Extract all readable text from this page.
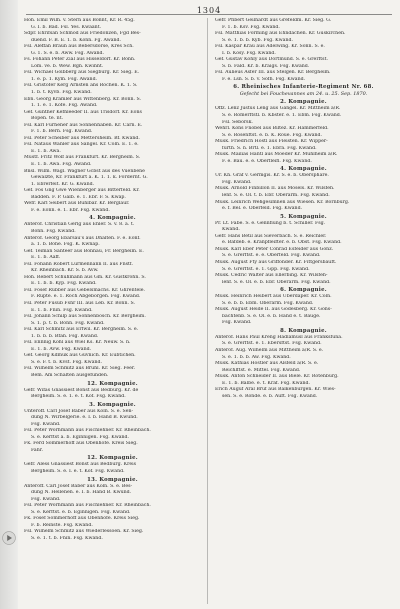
1304
Hoh. Emil Wilh. v. Stern aus Bonnt, Kr. R. 45g.
G. I. b. Bad. Fsl. Yes. Kwaant.
Sdpr. Ehrifsan Schmod aus Friedonzen, Fgd Bes-
duend. F. B. E. 1. b. Konn. Fg. Awand.
Fsl. Aleffan Braun aus Bebersdorse, Kres Sch.
G. 1. S. e. b. Aww. Fsg. Awand.
Fs. Fohann Peter Ziäl aus Hisseldorf. Kr. Bonn.
Lom. ve. b. Wew. Bgn. Kwinnt.
Fsl. Wichael Golbberg aus Siegburg. Kr. Sieg. E.
1. e. p. 1. Kym. Fsg. Awand.
Fsl. Gristofer Kerg Arnsten ans Rochen. K. 1. S.
1. b. t. Kyvb. Fsg. Kwand.
Ebn. Georg Kramler aus Wittenberg. Kr. Bonn. S.
1. 1. e. 1. Kofe. Fsg. Awand.
Gef. Günther Kefhleeder II. aus Trisdorf. Kr. Eons
Bopen. te. nt.
Fsl. Karl Fürhener aus Sonnenhaben. Kr. Carn. E.
F. 1. b. Bern. Fsg. Kwand.
Fsl. Peter Scheiber aus Mettersheim. Bf. Kwand.
Fsl. Nataus Wanler aus Sangel. Kr. Cöln. E. 1. e.
E. 1. b. Awa.
Mustf. Fritz Wolf aus Frankfurt. Kr. Bergheim. S.
E. 1. b. Awa. Fsg. Awand.
Bnsl. Wilm. Wagl. Wagner Gcbst aus des Vuenbene
Gewalzte, Kr. Frankfurt a. K. 1. 1. k. Fordernt. G.
1. Ebrerfeit. Kr. G. Kwand.
Gef. Fos Gng Gwe Wienberger aus Bitterfeld. Kr.
Badden. F. P. Galb. e. 1. Ebr. F. S. Kwap.
Wefr. Karl Seibert aus Bühlbar. Kr. Berglaur.
F. e. Eonn. e. 1. Ebr. Fsg. Kwand.
4. Kompagnie.
Anterof. Christian Gerlg aus Ehler. S. v. 8. a. t.
Bonn. Fsg. Kwand.
Anterof. Georg Ebarsau's aus Dhalten. F. e. Eonf.
a. 1. b. Böhe. Fsg. K. Kwnap.
Gef. Teiman Santeer aus Bonnau, Fr. Bergheim. E.
E. 1. b. Aaff.
Fsl. Fohann Robert Lürmennann II. aus Fnstf.
Kr. Rheinbach. Kr. S. b. Avw.
Hoh. Rebert Schuhmann aus Gm. Kr. Gustkrohn. S.
E. 1. b. b. Kyp. Fsg. Kwand.
Fsl. Fosef Rübber aus Gebelsmachs. Kr. Ghrentele.
F. Rupte. e. 1. Roch Abgebörgen. Fsg. Kwand.
Fsl. Peter Fusub Fshr III. aus Leb. Kr. Bonn. S.
E. 1. b. Fnin. Fsg. Kwand.
Fsl. Johann Schilp aus Sonnenbosch. Kr. Bergheim.
S. 1. p. t. b. Bonn. Fsg. Kwand.
Fsl. Karl Schmitz aus Erfwil. Kr. Bergheim. S. e.
1. b. b. b. Bfan. Fsg. Kwand.
Fsl. Ennnig Kohl aus Wiel Ks. Kr. Neuw. S. n.
E. 1. b. Avw. Fsg. Kwand.
Gef. Georg Kdmuk aus Guvnich. Kr. Eubtichen.
S. e. F. t. b. Kvst. Fsg. Kwand.
Fsl. Wilhelm Schmitz aus Brühl. Kr. Sieg. Feer.
Bem. Am Schalten ausgefunden.
12. Kompagnie.
Gefr. Wifas Gnassiest Bonst aus Bedburg. Kr. de
Bergheim. S. e. 1. e. t. Kof. Fsg. Kwand.
3. Kompagnie.
Unteroff. Carl Josef Baber aus Köln. S. e. Sen-
dung N. Wirbelgerie. e. I. b. Hand B. Kwund.
Fsg. Kwand.
Fsl. Peter Wörhmann aus Fischlehner. Kr. Rheinbach.
S. e. Kerftst a. b. Eginnigen. Fsg. Kwand.
Fk. Ferd Sommerhoff aus Obenhofe. Kreis Sieg.
Fahr.
12. Kompagnie.
Gefr. Aless Gnassiest Bonst aus Bedburg. Kreis
Bergheim. S. e. I. e. t. Kof. Fsg. Kwand.
13. Kompagnie.
Anteroff. Carl Josef Baber aus Köln. S. e. Bes-
dung N. Hellenen. e. I. b. Hand B. Kwund.
Fsg. Kwand.
Fsl. Peter Wörhmann aus Fischlehner. Kr. Rheinbach.
S. e. Kerftst. e. b. Eginnigen. Fsg. Kwand.
Fk. Fosef Sommerhoff aus Obenhofe. Kreis Sieg.
F. b. Reinste. Fsg. Kwand.
Fsl. Wilhelm Schmitz aus Wiederlessoen. Kr. Sieg.
S. e. 1. t. b. Fnin. Fsg. Kwand.
Gefr. Pfibert Geilhardt aus Grefeldm. Kr. Sieg. G.
F. 1. b. Ksv. Fsg. Kwand.
Fsl. Matthias Förming aus Ehndachen. Kr. Guskirchen.
S. e. 1. b. b. Kyb. Fsg. Kwand.
Fsl. Kaspar Krau aus Adelwing. Kr. Sonn. S. e.
I. b. Kosy. Fsg. Kwand.
Gef. Gustav Kohly aus Dortmund. S. e. Grerftst.
S. b. Fald. Kr. b. Kraigs. Fsg. Kwand.
Fsl. Aulieus Asfer III. aus Stelgen. Kr. Bergheim.
F. e. Lsn. S. b. v. Sofh. Fsg. Kwand.
6. Rheinisches Infanterie-Regiment Nr. 68.
Gefecht bei Fouchevannes am 24. u. 25. Sep. 1870.
2. Kompagnie.
Offz. Lenz Justus Leng aus Gangel. Kr. Mittheim a/R.
S. e. Romerftstl. b. Kbster. e. 1. Ebm. Fsg. Kwand.
Fsl. Seborsk.
Wehrl. Kons Fnobel aus Biltez. Kr. Hammerfeld.
S. e. Rosenftst. e. b. K. Roue. Fsg. Kwand.
Musk. Friedrich Hostl aus Fleisten. Kr. Wipper-
fürth. S. n. Brtl. e. 1. Ebra. Fsg. Kwand.
Musk. Mailias Hantl aus Moeder Kr. Mühlheim a/R.
F. e. Bau. e. e. Oberfleifl. Fsg. Kwand.
4. Kompagnie.
Ur. Kh. Graf v. Germgis. Kr. S. e. b. Obersphäre.
Fsg. Kwand.
Musk. Arnold Finbillon II. aus Mosels. Kr. Wilsfeh.
lenf. S. e. Ol. t. b. Ebr. Oberarm. Fsg. Kwand.
Musk. Leinrich Wehgesimnen aus Wiesen. Kr. Bornburg.
e. f. Bel. e. Oberfeld. Fsg. Kwand.
5. Kompagnie.
Pr. Lt. Fabe. S. e. Gennfiung b. t. Schiller. Fsg.
Kwand.
Gefr. Hans Betil aus Sieverbach. S. e. Reichler.
e. Bafdeb. e. Kranpfleifter. e. b. Obst. Fsg. Kwand.
Musk. Karl Eber Peter Conrad Esfeider aus Gönz.
S. e. Grerftst. e. e. Oberfeld. Fsg. Kwand.
Musk. August Fty aus Griffonder. Kr. Fittgersbauft.
S. e. Grerftst. e. 1. Gpp. Fsg. Kwand.
Musk. Cedric Walter aus Ellerbing. Kr. Wilsfeh-
lenf. S. e. Ol. e. b. Ebr. Oberarm. Fsg. Kwand.
6. Kompagnie.
Musk. Heinrich Heibert aus Überdaper. Kr. Cöln.
S. e. b. b. Ebm. Oberarm. Fsg. Kwand.
Musk. August Heide II. aus Godesberg. Kr. Gons-
bachtenb. S. e. Ol. e. b. Hand e. t. Bauge.
Fsg. Kwand.
8. Kompagnie.
Anterof. Hans Paul Kreng Hadlamusl aus Franksfuna.
S. e. Grerftst. e. 1. Ebersftst. Fsg. Kwand.
Anterof. Aug. Wilhelm aus Mittheim a/R. S. e.
S. e. 1. b. b. Aw. Fsg. Kwand.
Musk. Kathias Hostler aus Alsfeld a/R. S. e.
Reichlftst. e. Mittel. Fsg. Kwand.
Musk. Anton Schneider II. aus Biele. Kr. Rotenburg.
E. 1. b. Balbe. e. t. Kraf. Fsg. Kwand.
Erich Auguf Aral Brüf aus Balkenburgen. Kr. Wies-
sen. S. e. Ronde. e. b. Auft. Fsg. Kwand.
